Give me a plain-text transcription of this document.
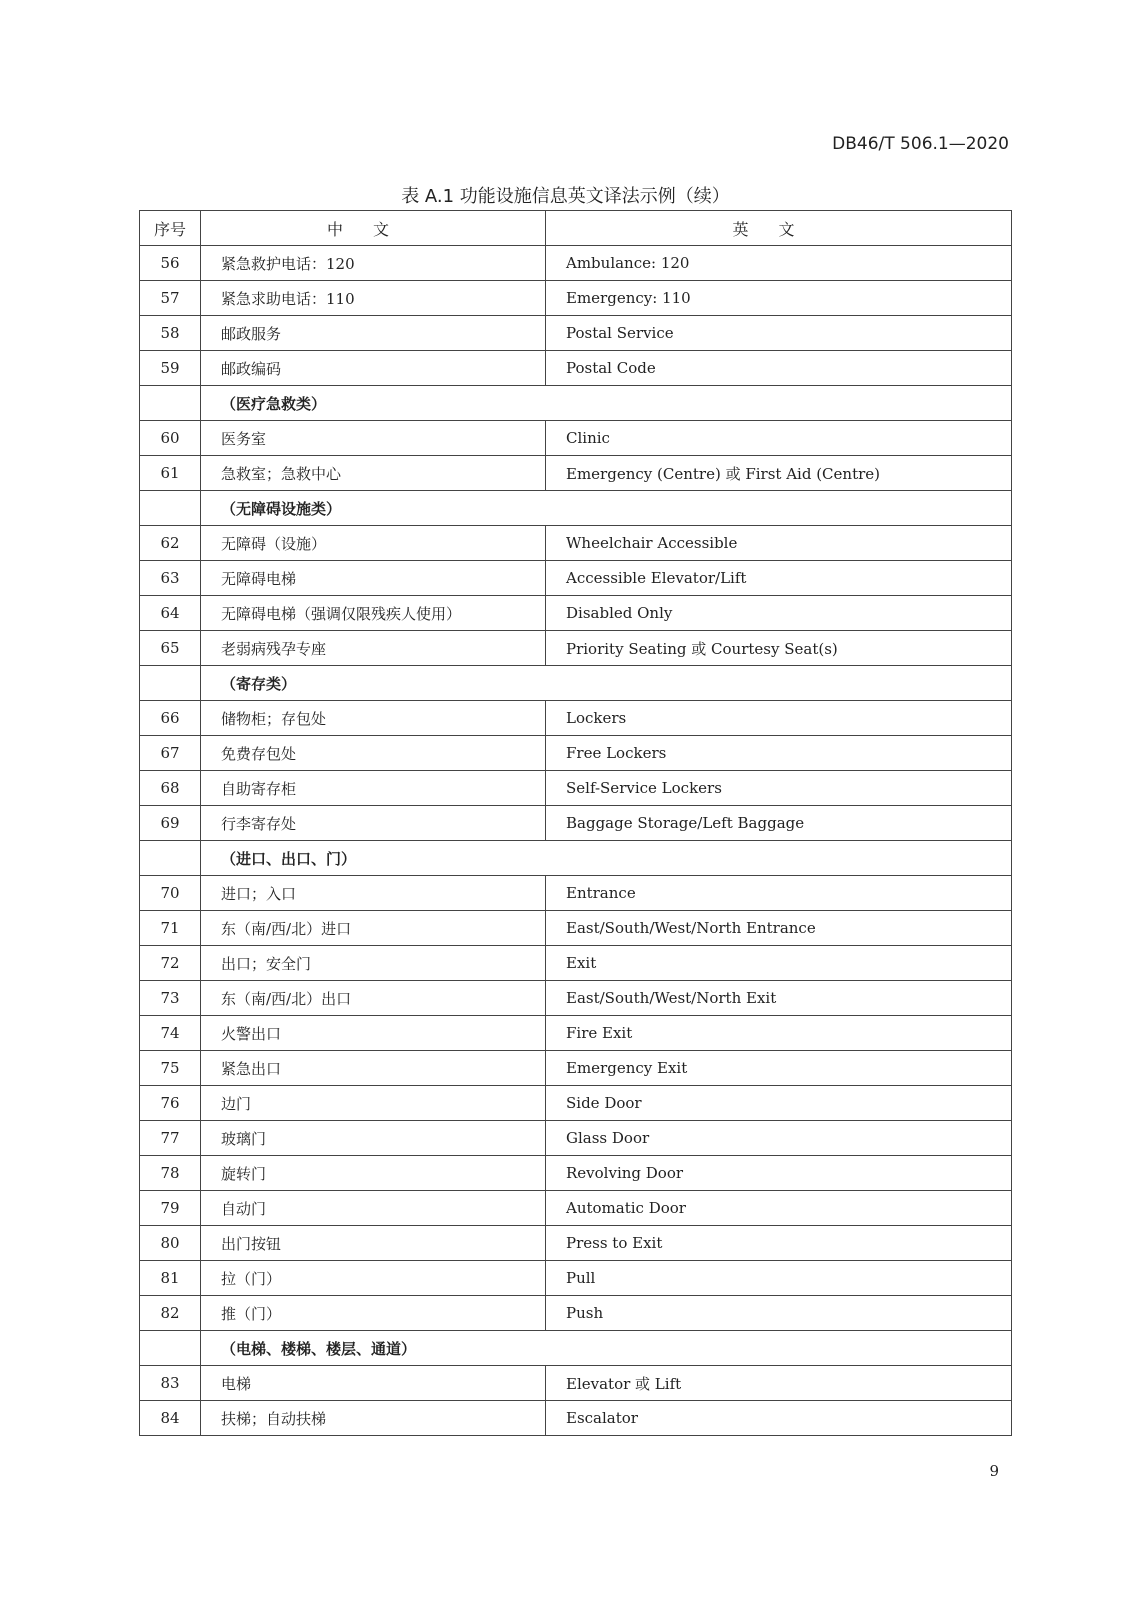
DB46/T 506.1—2020
表 A.1 功能设施信息英文译法示例（续）
序号	中文	英文
56	紧急救护电话：120	Ambulance: 120
57	紧急求助电话：110	Emergency: 110
58	邮政服务	Postal Service
59	邮政编码	Postal Code
	（医疗急救类）	
60	医务室	Clinic
61	急救室；急救中心	Emergency (Centre) 或 First Aid (Centre)
	（无障碍设施类）	
62	无障碍（设施）	Wheelchair Accessible
63	无障碍电梯	Accessible Elevator/Lift
64	无障碍电梯（强调仅限残疾人使用）	Disabled Only
65	老弱病残孕专座	Priority Seating 或 Courtesy Seat(s)
	（寄存类）	
66	储物柜；存包处	Lockers
67	免费存包处	Free Lockers
68	自助寄存柜	Self-Service Lockers
69	行李寄存处	Baggage Storage/Left Baggage
	（进口、出口、门）	
70	进口；入口	Entrance
71	东（南/西/北）进口	East/South/West/North Entrance
72	出口；安全门	Exit
73	东（南/西/北）出口	East/South/West/North Exit
74	火警出口	Fire Exit
75	紧急出口	Emergency Exit
76	边门	Side Door
77	玻璃门	Glass Door
78	旋转门	Revolving Door
79	自动门	Automatic Door
80	出门按钮	Press to Exit
81	拉（门）	Pull
82	推（门）	Push
	（电梯、楼梯、楼层、通道）	
83	电梯	Elevator 或 Lift
84	扶梯；自动扶梯	Escalator
9
